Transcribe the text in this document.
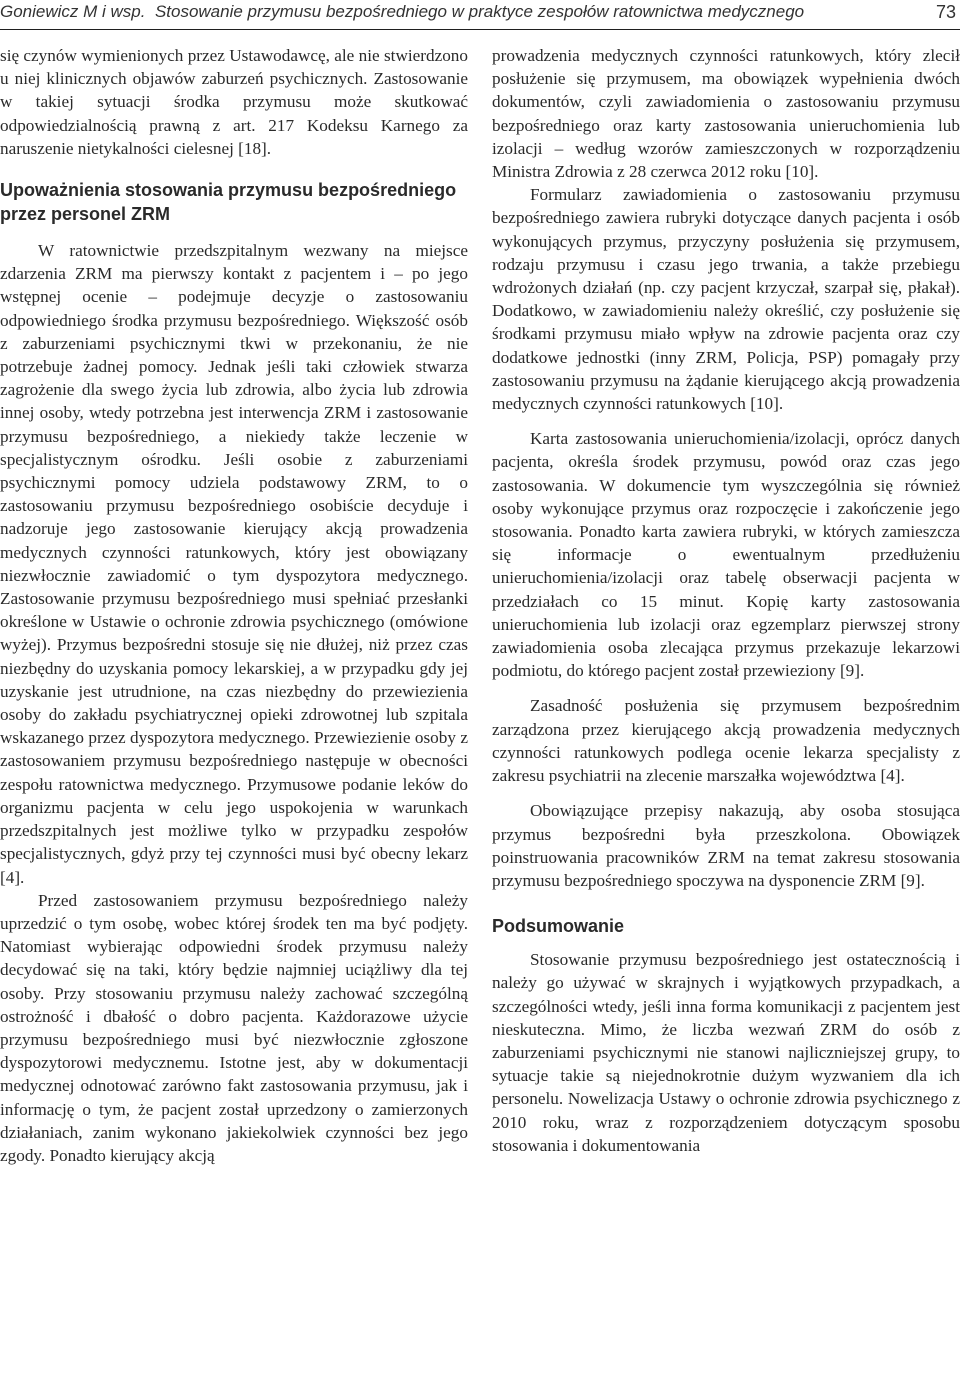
Goniewicz M i wsp. Stosowanie przymusu bezpośredniego w praktyce zespołów ratownictwa medycznego	73

się czynów wymienionych przez Ustawodawcę, ale nie stwierdzono u niej klinicznych objawów zaburzeń psychicznych. Zastosowanie w takiej sytuacji środka przymusu może skutkować odpowiedzialnością prawną z art. 217 Kodeksu Karnego za naruszenie nietykalności cielesnej [18].

Upoważnienia stosowania przymusu bezpośredniego przez personel ZRM

W ratownictwie przedszpitalnym wezwany na miejsce zdarzenia ZRM ma pierwszy kontakt z pacjentem i – po jego wstępnej ocenie – podejmuje decyzje o zastosowaniu odpowiedniego środka przymusu bezpośredniego. Większość osób z zaburzeniami psychicznymi tkwi w przekonaniu, że nie potrzebuje żadnej pomocy. Jednak jeśli taki człowiek stwarza zagrożenie dla swego życia lub zdrowia, albo życia lub zdrowia innej osoby, wtedy potrzebna jest interwencja ZRM i zastosowanie przymusu bezpośredniego, a niekiedy także leczenie w specjalistycznym ośrodku. Jeśli osobie z zaburzeniami psychicznymi pomocy udziela podstawowy ZRM, to o zastosowaniu przymusu bezpośredniego osobiście decyduje i nadzoruje jego zastosowanie kierujący akcją prowadzenia medycznych czynności ratunkowych, który jest obowiązany niezwłocznie zawiadomić o tym dyspozytora medycznego. Zastosowanie przymusu bezpośredniego musi spełniać przesłanki określone w Ustawie o ochronie zdrowia psychicznego (omówione wyżej). Przymus bezpośredni stosuje się nie dłużej, niż przez czas niezbędny do uzyskania pomocy lekarskiej, a w przypadku gdy jej uzyskanie jest utrudnione, na czas niezbędny do przewiezienia osoby do zakładu psychiatrycznej opieki zdrowotnej lub szpitala wskazanego przez dyspozytora medycznego. Przewiezienie osoby z zastosowaniem przymusu bezpośredniego następuje w obecności zespołu ratownictwa medycznego. Przymusowe podanie leków do organizmu pacjenta w celu jego uspokojenia w warunkach przedszpitalnych jest możliwe tylko w przypadku zespołów specjalistycznych, gdyż przy tej czynności musi być obecny lekarz [4].

Przed zastosowaniem przymusu bezpośredniego należy uprzedzić o tym osobę, wobec której środek ten ma być podjęty. Natomiast wybierając odpowiedni środek przymusu należy decydować się na taki, który będzie najmniej uciążliwy dla tej osoby. Przy stosowaniu przymusu należy zachować szczególną ostrożność i dbałość o dobro pacjenta. Każdorazowe użycie przymusu bezpośredniego musi być niezwłocznie zgłoszone dyspozytorowi medycznemu. Istotne jest, aby w dokumentacji medycznej odnotować zarówno fakt zastosowania przymusu, jak i informację o tym, że pacjent został uprzedzony o zamierzonych działaniach, zanim wykonano jakiekolwiek czynności bez jego zgody. Ponadto kierujący akcją

prowadzenia medycznych czynności ratunkowych, który zlecił posłużenie się przymusem, ma obowiązek wypełnienia dwóch dokumentów, czyli zawiadomienia o zastosowaniu przymusu bezpośredniego oraz karty zastosowania unieruchomienia lub izolacji – według wzorów zamieszczonych w rozporządzeniu Ministra Zdrowia z 28 czerwca 2012 roku [10].

Formularz zawiadomienia o zastosowaniu przymusu bezpośredniego zawiera rubryki dotyczące danych pacjenta i osób wykonujących przymus, przyczyny posłużenia się przymusem, rodzaju przymusu i czasu jego trwania, a także przebiegu wdrożonych działań (np. czy pacjent krzyczał, szarpał się, płakał). Dodatkowo, w zawiadomieniu należy określić, czy posłużenie się środkami przymusu miało wpływ na zdrowie pacjenta oraz czy dodatkowe jednostki (inny ZRM, Policja, PSP) pomagały przy zastosowaniu przymusu na żądanie kierującego akcją prowadzenia medycznych czynności ratunkowych [10].

Karta zastosowania unieruchomienia/izolacji, oprócz danych pacjenta, określa środek przymusu, powód oraz czas jego zastosowania. W dokumencie tym wyszczególnia się również osoby wykonujące przymus oraz rozpoczęcie i zakończenie jego stosowania. Ponadto karta zawiera rubryki, w których zamieszcza się informacje o ewentualnym przedłużeniu unieruchomienia/izolacji oraz tabelę obserwacji pacjenta w przedziałach co 15 minut. Kopię karty zastosowania unieruchomienia lub izolacji oraz egzemplarz pierwszej strony zawiadomienia osoba zlecająca przymus przekazuje lekarzowi podmiotu, do którego pacjent został przewieziony [9].

Zasadność posłużenia się przymusem bezpośrednim zarządzona przez kierującego akcją prowadzenia medycznych czynności ratunkowych podlega ocenie lekarza specjalisty z zakresu psychiatrii na zlecenie marszałka województwa [4].

Obowiązujące przepisy nakazują, aby osoba stosująca przymus bezpośredni była przeszkolona. Obowiązek poinstruowania pracowników ZRM na temat zakresu stosowania przymusu bezpośredniego spoczywa na dysponencie ZRM [9].

Podsumowanie

Stosowanie przymusu bezpośredniego jest ostatecznością i należy go używać w skrajnych i wyjątkowych przypadkach, a szczególności wtedy, jeśli inna forma komunikacji z pacjentem jest nieskuteczna. Mimo, że liczba wezwań ZRM do osób z zaburzeniami psychicznymi nie stanowi najliczniejszej grupy, to sytuacje takie są niejednokrotnie dużym wyzwaniem dla ich personelu. Nowelizacja Ustawy o ochronie zdrowia psychicznego z 2010 roku, wraz z rozporządzeniem dotyczącym sposobu stosowania i dokumentowania
